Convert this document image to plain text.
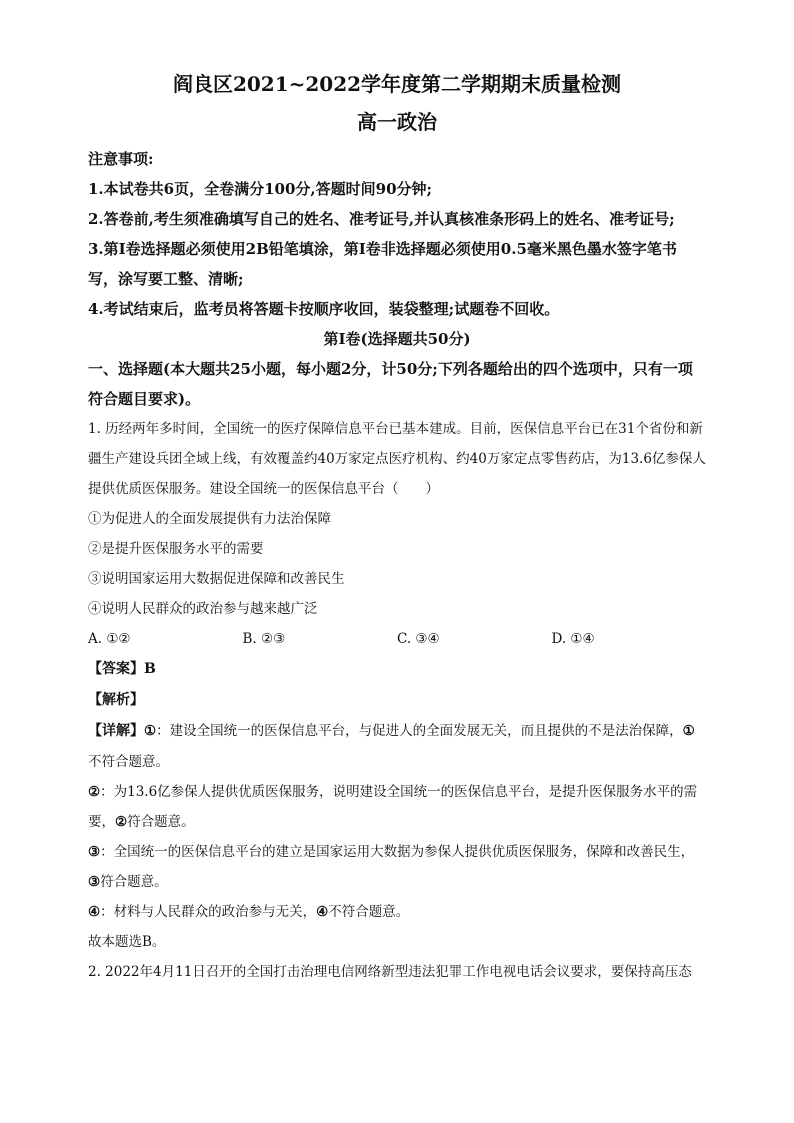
阎良区2021~2022学年度第二学期期末质量检测

高一政治

注意事项:

1.本试卷共6页，全卷满分100分,答题时间90分钟;

2.答卷前,考生须准确填写自己的姓名、准考证号,并认真核准条形码上的姓名、准考证号;

3.第Ⅰ卷选择题必须使用2B铅笔填涂，第Ⅰ卷非选择题必须使用0.5毫米黑色墨水签字笔书写，涂写要工整、清晰;

4.考试结束后，监考员将答题卡按顺序收回，装袋整理;试题卷不回收。

第Ⅰ卷(选择题共50分)

一、选择题(本大题共25小题，每小题2分，计50分;下列各题给出的四个选项中，只有一项符合题目要求)。

1. 历经两年多时间，全国统一的医疗保障信息平台已基本建成。目前，医保信息平台已在31个省份和新疆生产建设兵团全域上线，有效覆盖约40万家定点医疗机构、约40万家定点零售药店，为13.6亿参保人提供优质医保服务。建设全国统一的医保信息平台（　　）

①为促进人的全面发展提供有力法治保障

②是提升医保服务水平的需要

③说明国家运用大数据促进保障和改善民生

④说明人民群众的政治参与越来越广泛

A. ①②	B. ②③	C. ③④	D. ①④
【答案】B
【解析】

【详解】①：建设全国统一的医保信息平台，与促进人的全面发展无关，而且提供的不是法治保障，①不符合题意。

②：为13.6亿参保人提供优质医保服务，说明建设全国统一的医保信息平台，是提升医保服务水平的需要，②符合题意。

③：全国统一的医保信息平台的建立是国家运用大数据为参保人提供优质医保服务，保障和改善民生，③符合题意。

④：材料与人民群众的政治参与无关，④不符合题意。

故本题选B。

2. 2022年4月11日召开的全国打击治理电信网络新型违法犯罪工作电视电话会议要求，要保持高压态
